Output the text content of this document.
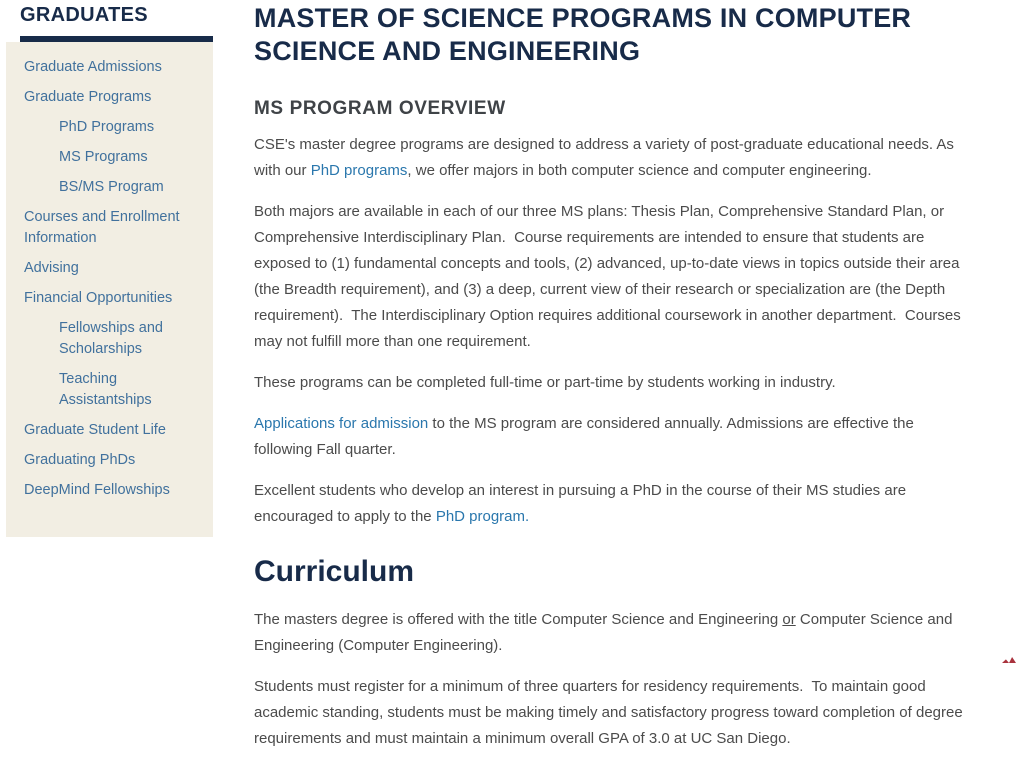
GRADUATES
Graduate Admissions
Graduate Programs
PhD Programs
MS Programs
BS/MS Program
Courses and Enrollment Information
Advising
Financial Opportunities
Fellowships and Scholarships
Teaching Assistantships
Graduate Student Life
Graduating PhDs
DeepMind Fellowships
MASTER OF SCIENCE PROGRAMS IN COMPUTER SCIENCE AND ENGINEERING
MS PROGRAM OVERVIEW

CSE's master degree programs are designed to address a variety of post-graduate educational needs. As with our PhD programs, we offer majors in both computer science and computer engineering.

Both majors are available in each of our three MS plans: Thesis Plan, Comprehensive Standard Plan, or Comprehensive Interdisciplinary Plan.  Course requirements are intended to ensure that students are exposed to (1) fundamental concepts and tools, (2) advanced, up-to-date views in topics outside their area (the Breadth requirement), and (3) a deep, current view of their research or specialization are (the Depth requirement).  The Interdisciplinary Option requires additional coursework in another department.  Courses may not fulfill more than one requirement.

These programs can be completed full-time or part-time by students working in industry.

Applications for admission to the MS program are considered annually. Admissions are effective the following Fall quarter.

Excellent students who develop an interest in pursuing a PhD in the course of their MS studies are encouraged to apply to the PhD program.

Curriculum

The masters degree is offered with the title Computer Science and Engineering or Computer Science and Engineering (Computer Engineering).

Students must register for a minimum of three quarters for residency requirements.  To maintain good academic standing, students must be making timely and satisfactory progress toward completion of degree requirements and must maintain a minimum overall GPA of 3.0 at UC San Diego.
